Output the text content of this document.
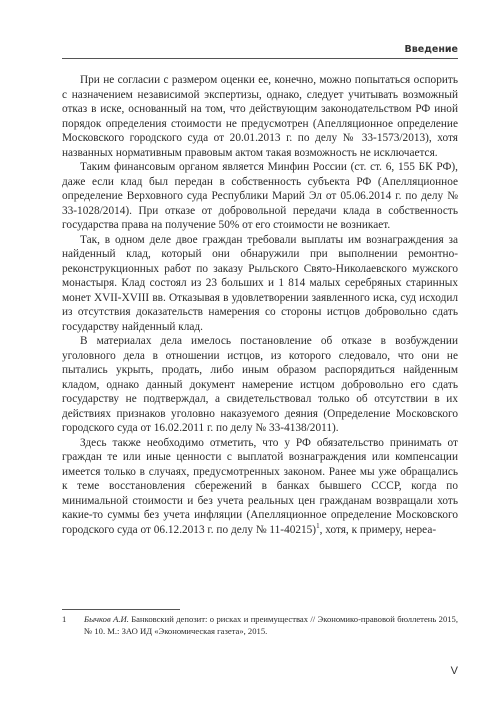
Введение

При не согласии с размером оценки ее, конечно, можно попытаться оспорить с назначением независимой экспертизы, однако, следует учитывать возможный отказ в иске, основанный на том, что действующим законодательством РФ иной порядок определения стоимости не предусмотрен (Апелляционное определение Московского городского суда от 20.01.2013 г. по делу № 33-1573/2013), хотя названных нормативным правовым актом такая возможность не исключается.

Таким финансовым органом является Минфин России (ст. ст. 6, 155 БК РФ), даже если клад был передан в собственность субъекта РФ (Апелляционное определение Верховного суда Республики Марий Эл от 05.06.2014 г. по делу № 33-1028/2014). При отказе от добровольной передачи клада в собственность государства права на получение 50% от его стоимости не возникает.

Так, в одном деле двое граждан требовали выплаты им вознаграждения за найденный клад, который они обнаружили при выполнении ремонтно-реконструкционных работ по заказу Рыльского Свято-Николаевского мужского монастыря. Клад состоял из 23 больших и 1 814 малых серебряных старинных монет XVII-XVIII вв. Отказывая в удовлетворении заявленного иска, суд исходил из отсутствия доказательств намерения со стороны истцов добровольно сдать государству найденный клад.

В материалах дела имелось постановление об отказе в возбуждении уголовного дела в отношении истцов, из которого следовало, что они не пытались укрыть, продать, либо иным образом распорядиться найденным кладом, однако данный документ намерение истцом добровольно его сдать государству не подтверждал, а свидетельствовал только об отсутствии в их действиях признаков уголовно наказуемого деяния (Определение Московского городского суда от 16.02.2011 г. по делу № 33-4138/2011).

Здесь также необходимо отметить, что у РФ обязательство принимать от граждан те или иные ценности с выплатой вознаграждения или компенсации имеется только в случаях, предусмотренных законом. Ранее мы уже обращались к теме восстановления сбережений в банках бывшего СССР, когда по минимальной стоимости и без учета реальных цен гражданам возвращали хоть какие-то суммы без учета инфляции (Апелляционное определение Московского городского суда от 06.12.2013 г. по делу № 11-40215)$^1$, хотя, к примеру, нереа-

1 Бычков А.И. Банковский депозит: о рисках и преимуществах // Экономико-правовой бюллетень 2015, № 10. М.: ЗАО ИД «Экономическая газета», 2015.
V
